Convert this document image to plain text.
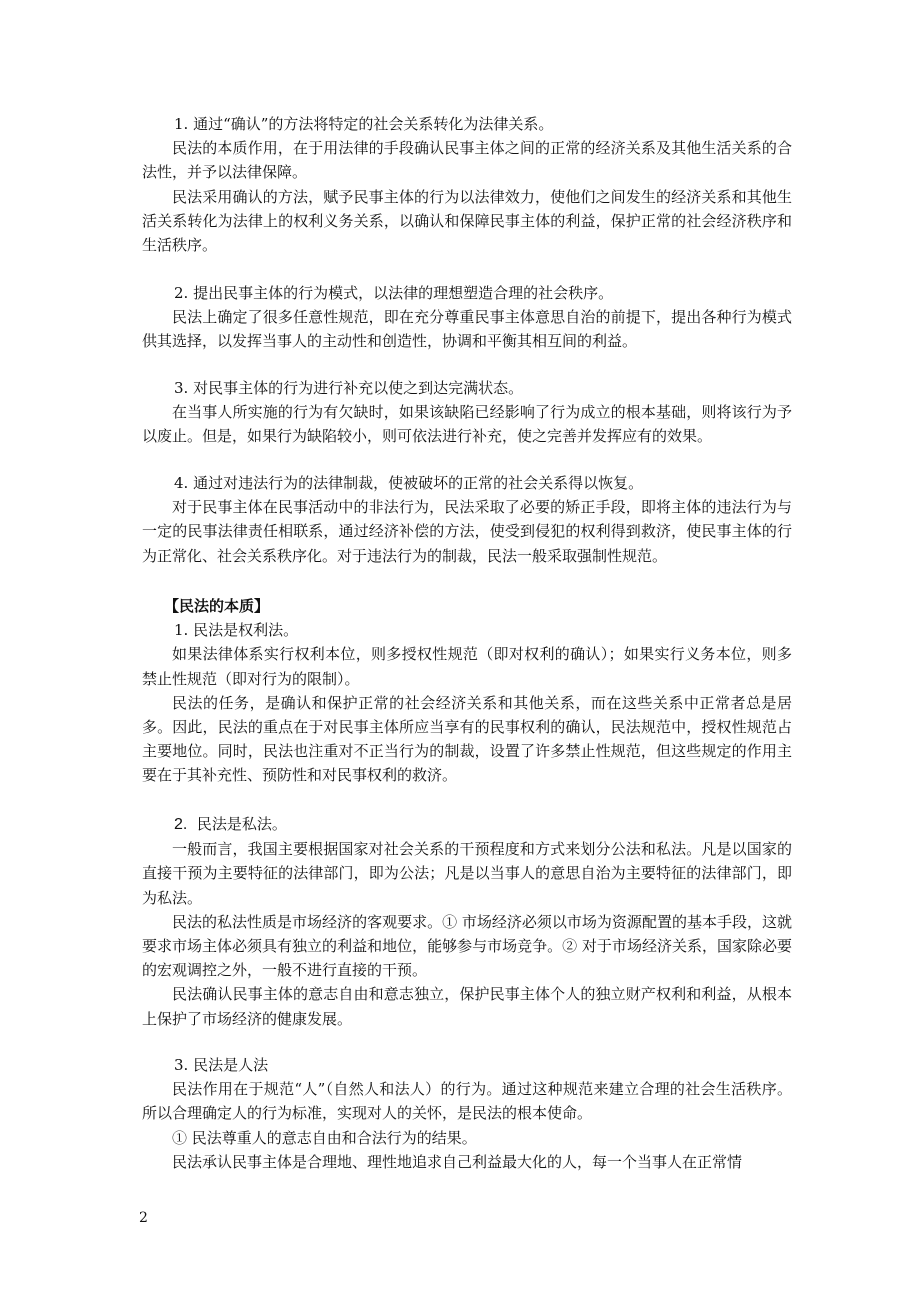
1. 通过“确认”的方法将特定的社会关系转化为法律关系。

民法的本质作用，在于用法律的手段确认民事主体之间的正常的经济关系及其他生活关系的合法性，并予以法律保障。

民法采用确认的方法，赋予民事主体的行为以法律效力，使他们之间发生的经济关系和其他生活关系转化为法律上的权利义务关系，以确认和保障民事主体的利益，保护正常的社会经济秩序和生活秩序。

2. 提出民事主体的行为模式，以法律的理想塑造合理的社会秩序。

民法上确定了很多任意性规范，即在充分尊重民事主体意思自治的前提下，提出各种行为模式供其选择，以发挥当事人的主动性和创造性，协调和平衡其相互间的利益。

3. 对民事主体的行为进行补充以使之到达完满状态。

在当事人所实施的行为有欠缺时，如果该缺陷已经影响了行为成立的根本基础，则将该行为予以废止。但是，如果行为缺陷较小，则可依法进行补充，使之完善并发挥应有的效果。

4. 通过对违法行为的法律制裁，使被破坏的正常的社会关系得以恢复。

对于民事主体在民事活动中的非法行为，民法采取了必要的矫正手段，即将主体的违法行为与一定的民事法律责任相联系，通过经济补偿的方法，使受到侵犯的权利得到救济，使民事主体的行为正常化、社会关系秩序化。对于违法行为的制裁，民法一般采取强制性规范。

【民法的本质】

1. 民法是权利法。

如果法律体系实行权利本位，则多授权性规范（即对权利的确认）；如果实行义务本位，则多禁止性规范（即对行为的限制）。

民法的任务，是确认和保护正常的社会经济关系和其他关系，而在这些关系中正常者总是居多。因此，民法的重点在于对民事主体所应当享有的民事权利的确认，民法规范中，授权性规范占主要地位。同时，民法也注重对不正当行为的制裁，设置了许多禁止性规范，但这些规定的作用主要在于其补充性、预防性和对民事权利的救济。

2. 民法是私法。

一般而言，我国主要根据国家对社会关系的干预程度和方式来划分公法和私法。凡是以国家的直接干预为主要特征的法律部门，即为公法；凡是以当事人的意思自治为主要特征的法律部门，即为私法。

民法的私法性质是市场经济的客观要求。① 市场经济必须以市场为资源配置的基本手段，这就要求市场主体必须具有独立的利益和地位，能够参与市场竞争。② 对于市场经济关系，国家除必要的宏观调控之外，一般不进行直接的干预。

民法确认民事主体的意志自由和意志独立，保护民事主体个人的独立财产权利和利益，从根本上保护了市场经济的健康发展。

3. 民法是人法

民法作用在于规范“人”（自然人和法人）的行为。通过这种规范来建立合理的社会生活秩序。所以合理确定人的行为标准，实现对人的关怀，是民法的根本使命。

① 民法尊重人的意志自由和合法行为的结果。

民法承认民事主体是合理地、理性地追求自己利益最大化的人，每一个当事人在正常情

2
